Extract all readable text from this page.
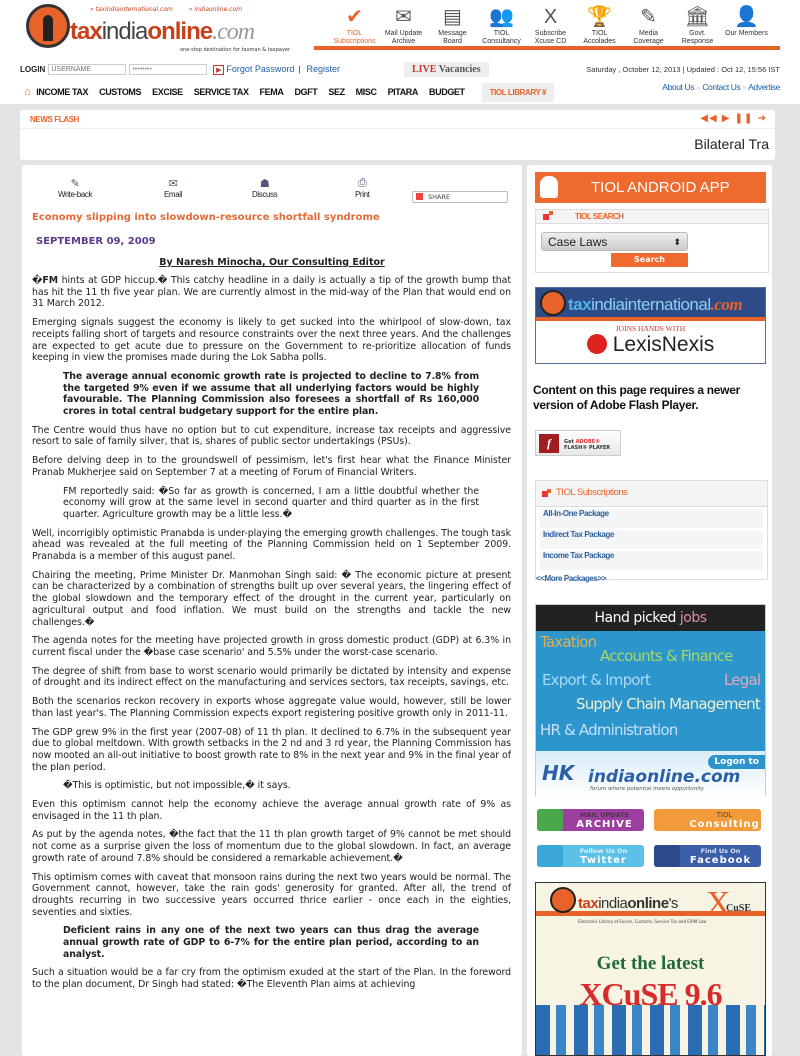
» taxindiainternational.com	» indiaonline.com
taxindiaonline.com
one-stop destination for taxman & taxpayer
✔
TIOL Subscriptions
✉
Mail Update Archive
▤
Message Board
👥
TIOL Consultancy
X
Subscribe Xcuse CD
🏆
TIOL Accolades
✎
Media Coverage
🏛
Govt. Response
👤
Our Members
LOGIN
USERNAME
••••••••	▶ Forgot Password | Register	LIVE Vacancies	Saturday , October 12, 2013 | Updated : Oct 12, 15:56 IST
⌂ INCOME TAX CUSTOMS EXCISE SERVICE TAX FEMA DGFT SEZ MISC PITARA BUDGET	TIOL LIBRARY ¥	About Us » Contact Us » Advertise
NEWS FLASH	◀◀ ▶ ❚❚ ➜
Bilateral Tra
✎
Write-back
✉
Email
☗
Discuss
⎙
Print	SHARE
Economy slipping into slowdown-resource shortfall syndrome
SEPTEMBER 09, 2009
By Naresh Minocha, Our Consulting Editor

�FM hints at GDP hiccup.� This catchy headline in a daily is actually a tip of the growth bump that has hit the 11 th five year plan. We are currently almost in the mid-way of the Plan that would end on 31 March 2012.

Emerging signals suggest the economy is likely to get sucked into the whirlpool of slow-down, tax receipts falling short of targets and resource constraints over the next three years. And the challenges are expected to get acute due to pressure on the Government to re-prioritize allocation of funds keeping in view the promises made during the Lok Sabha polls.

The average annual economic growth rate is projected to decline to 7.8% from the targeted 9% even if we assume that all underlying factors would be highly favourable. The Planning Commission also foresees a shortfall of Rs 160,000 crores in total central budgetary support for the entire plan.

The Centre would thus have no option but to cut expenditure, increase tax receipts and aggressive resort to sale of family silver, that is, shares of public sector undertakings (PSUs).

Before delving deep in to the groundswell of pessimism, let's first hear what the Finance Minister Pranab Mukherjee said on September 7 at a meeting of Forum of Financial Writers.

FM reportedly said: �So far as growth is concerned, I am a little doubtful whether the economy will grow at the same level in second quarter and third quarter as in the first quarter. Agriculture growth may be a little less.�

Well, incorrigibly optimistic Pranabda is under-playing the emerging growth challenges. The tough task ahead was revealed at the full meeting of the Planning Commission held on 1 September 2009. Pranabda is a member of this august panel.

Chairing the meeting, Prime Minister Dr. Manmohan Singh said: � The economic picture at present can be characterized by a combination of strengths built up over several years, the lingering effect of the global slowdown and the temporary effect of the drought in the current year, particularly on agricultural output and food inflation. We must build on the strengths and tackle the new challenges.�

The agenda notes for the meeting have projected growth in gross domestic product (GDP) at 6.3% in current fiscal under the �base case scenario' and 5.5% under the worst-case scenario.

The degree of shift from base to worst scenario would primarily be dictated by intensity and expense of drought and its indirect effect on the manufacturing and services sectors, tax receipts, savings, etc.

Both the scenarios reckon recovery in exports whose aggregate value would, however, still be lower than last year's. The Planning Commission expects export registering positive growth only in 2011-11.

The GDP grew 9% in the first year (2007-08) of 11 th plan. It declined to 6.7% in the subsequent year due to global meltdown. With growth setbacks in the 2 nd and 3 rd year, the Planning Commission has now mooted an all-out initiative to boost growth rate to 8% in the next year and 9% in the final year of the plan period.

�This is optimistic, but not impossible,� it says.

Even this optimism cannot help the economy achieve the average annual growth rate of 9% as envisaged in the 11 th plan.

As put by the agenda notes, �the fact that the 11 th plan growth target of 9% cannot be met should not come as a surprise given the loss of momentum due to the global slowdown. In fact, an average growth rate of around 7.8% should be considered a remarkable achievement.�

This optimism comes with caveat that monsoon rains during the next two years would be normal. The Government cannot, however, take the rain gods' generosity for granted. After all, the trend of droughts recurring in two successive years occurred thrice earlier - once each in the eighties, seventies and sixties.

Deficient rains in any one of the next two years can thus drag the average annual growth rate of GDP to 6-7% for the entire plan period, according to an analyst.

Such a situation would be a far cry from the optimism exuded at the start of the Plan. In the foreword to the plan document, Dr Singh had stated: �The Eleventh Plan aims at achieving

TIOL ANDROID APP
TIOL SEARCH
Case Laws	⬍
Search
taxindiainternational.com
JOINS HANDS WITH
LexisNexis
Content on this page requires a newer version of Adobe Flash Player.
f	Get ADOBE®
FLASH® PLAYER
TIOL Subscriptions
All-In-One Package
Indirect Tax Package
Income Tax Package
<<More Packages>>
Hand picked jobs
Taxation
Accounts & Finance
Export & Import	Legal
Supply Chain Management
HR & Administration
Logon to
HK indiaonline.com
forum where potential meets oppurtunity
MAIL UPDATE
ARCHIVE
TIOL
Consulting
Follow Us On
Twitter
Find Us On
Facebook
taxindiaonline's X
CuSE
Electronic Library of Excise, Customs, Service Tax and EXIM Law
Get the latest
XCuSE 9.6
